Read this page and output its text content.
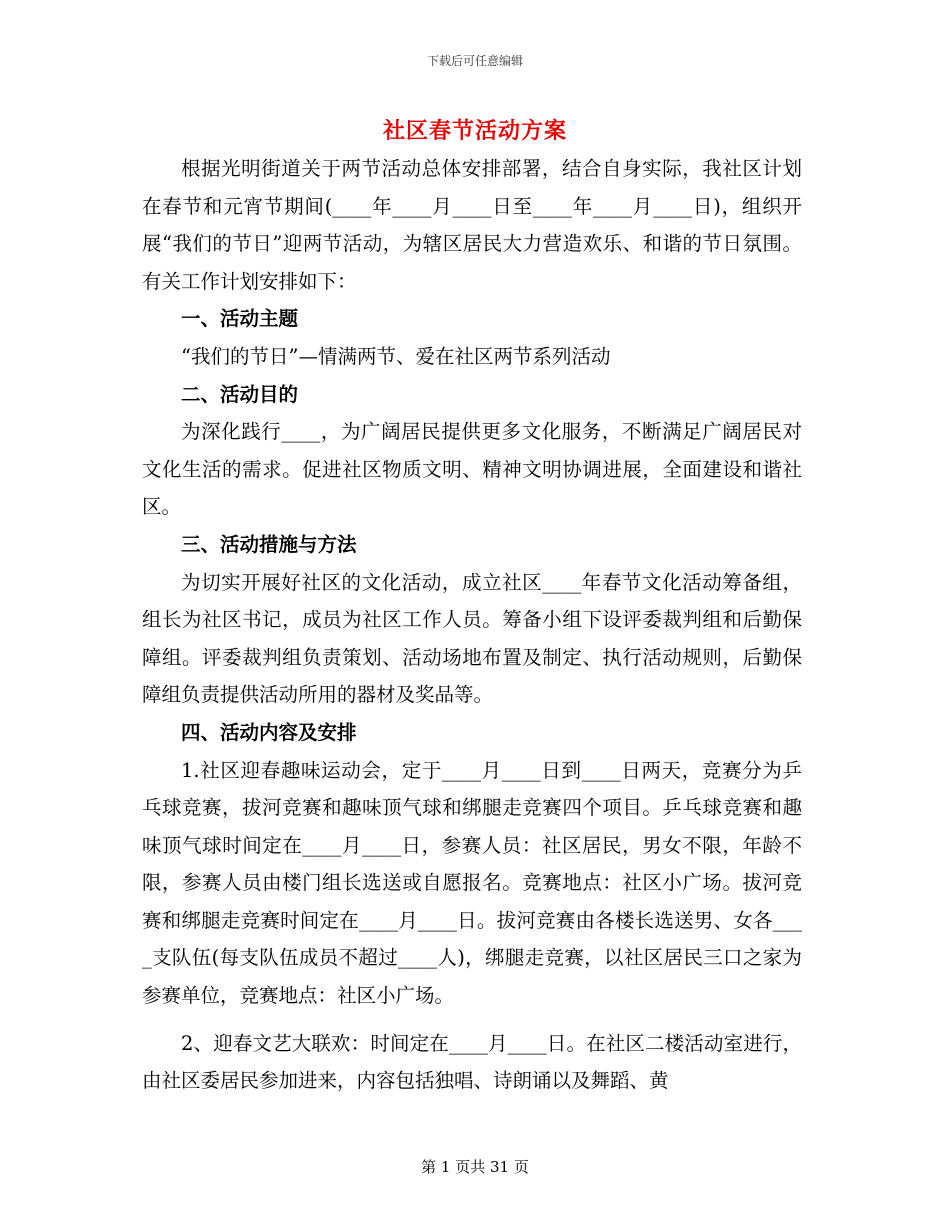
下载后可任意编辑
社区春节活动方案

根据光明街道关于两节活动总体安排部署，结合自身实际，我社区计划在春节和元宵节期间(____年____月____日至____年____月____日)，组织开展“我们的节日”迎两节活动，为辖区居民大力营造欢乐、和谐的节日氛围。有关工作计划安排如下：

一、活动主题

“我们的节日”—情满两节、爱在社区两节系列活动

二、活动目的

为深化践行____，为广阔居民提供更多文化服务，不断满足广阔居民对文化生活的需求。促进社区物质文明、精神文明协调进展，全面建设和谐社区。

三、活动措施与方法

为切实开展好社区的文化活动，成立社区____年春节文化活动筹备组，组长为社区书记，成员为社区工作人员。筹备小组下设评委裁判组和后勤保障组。评委裁判组负责策划、活动场地布置及制定、执行活动规则，后勤保障组负责提供活动所用的器材及奖品等。

四、活动内容及安排

1.社区迎春趣味运动会，定于____月____日到____日两天，竞赛分为乒乓球竞赛，拔河竞赛和趣味顶气球和绑腿走竞赛四个项目。乒乓球竞赛和趣味顶气球时间定在____月____日，参赛人员：社区居民，男女不限，年龄不限，参赛人员由楼门组长选送或自愿报名。竞赛地点：社区小广场。拔河竞赛和绑腿走竞赛时间定在____月____日。拔河竞赛由各楼长选送男、女各____支队伍(每支队伍成员不超过____人)，绑腿走竞赛，以社区居民三口之家为参赛单位，竞赛地点：社区小广场。

2、迎春文艺大联欢：时间定在____月____日。在社区二楼活动室进行，由社区委居民参加进来，内容包括独唱、诗朗诵以及舞蹈、黄

第 1 页共 31 页
